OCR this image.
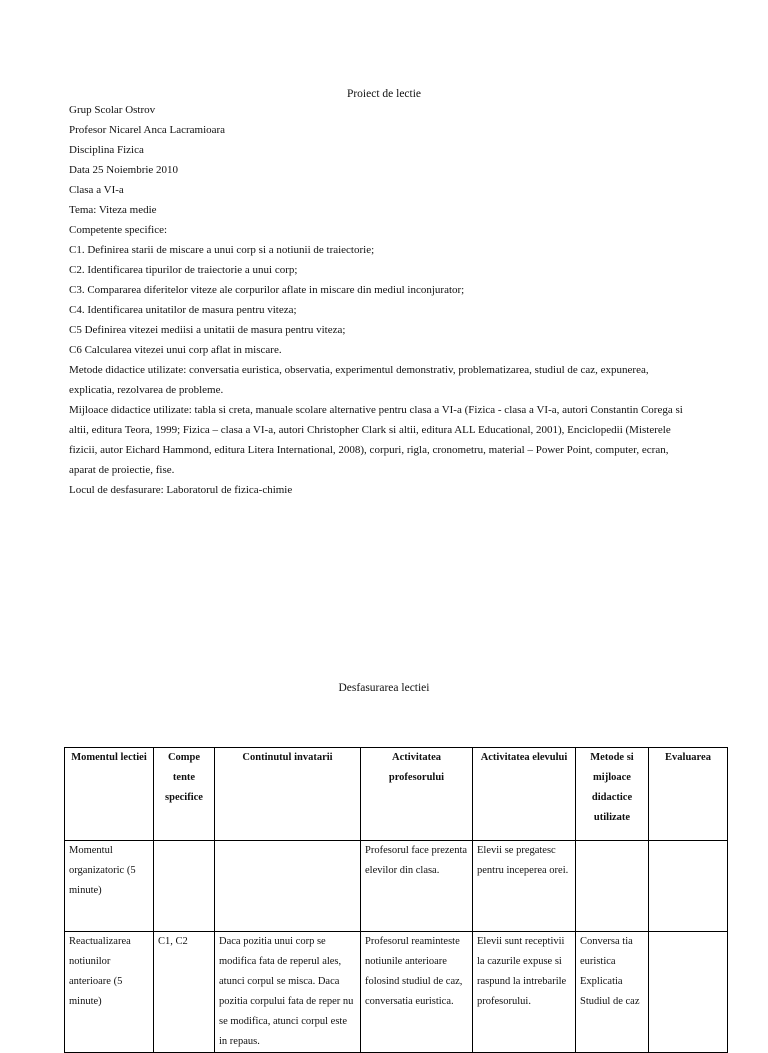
Proiect de lectie
Grup Scolar Ostrov
Profesor Nicarel Anca Lacramioara
Disciplina Fizica
Data 25 Noiembrie 2010
Clasa a VI-a
Tema: Viteza medie
Competente specifice:
C1. Definirea starii de miscare a unui corp si a notiunii de traiectorie;
C2. Identificarea tipurilor de traiectorie a unui corp;
C3. Compararea diferitelor viteze ale corpurilor aflate in miscare din mediul inconjurator;
C4. Identificarea unitatilor de masura pentru viteza;
C5 Definirea vitezei mediisi a unitatii de masura pentru viteza;
C6 Calcularea vitezei unui corp aflat in miscare.
Metode didactice utilizate: conversatia euristica, observatia, experimentul demonstrativ, problematizarea, studiul de caz, expunerea, explicatia, rezolvarea de probleme.
Mijloace didactice utilizate: tabla si creta, manuale scolare alternative pentru clasa a VI-a (Fizica - clasa a VI-a, autori Constantin Corega si altii, editura Teora, 1999; Fizica – clasa a VI-a, autori Christopher Clark si altii, editura ALL Educational, 2001), Enciclopedii (Misterele fizicii, autor Eichard Hammond, editura Litera International, 2008), corpuri, rigla, cronometru, material – Power Point, computer, ecran, aparat de proiectie, fise.
Locul de desfasurare: Laboratorul de fizica-chimie
Desfasurarea lectiei
Momentul lectiei	Compe tente specifice	Continutul invatarii	Activitatea profesorului	Activitatea elevului	Metode si mijloace didactice utilizate	Evaluarea
Momentul organizatoric (5 minute)			Profesorul face prezenta elevilor din clasa.	Elevii se pregatesc pentru inceperea orei.		
Reactualizarea notiunilor anterioare (5 minute)	C1, C2	Daca pozitia unui corp se modifica fata de reperul ales, atunci corpul se misca. Daca pozitia corpului fata de reper nu se modifica, atunci corpul este in repaus.	Profesorul reaminteste notiunile anterioare folosind studiul de caz, conversatia euristica.	Elevii sunt receptivii la cazurile expuse si raspund la intrebarile profesorului.	Conversa tia euristica Explicatia Studiul de caz	
